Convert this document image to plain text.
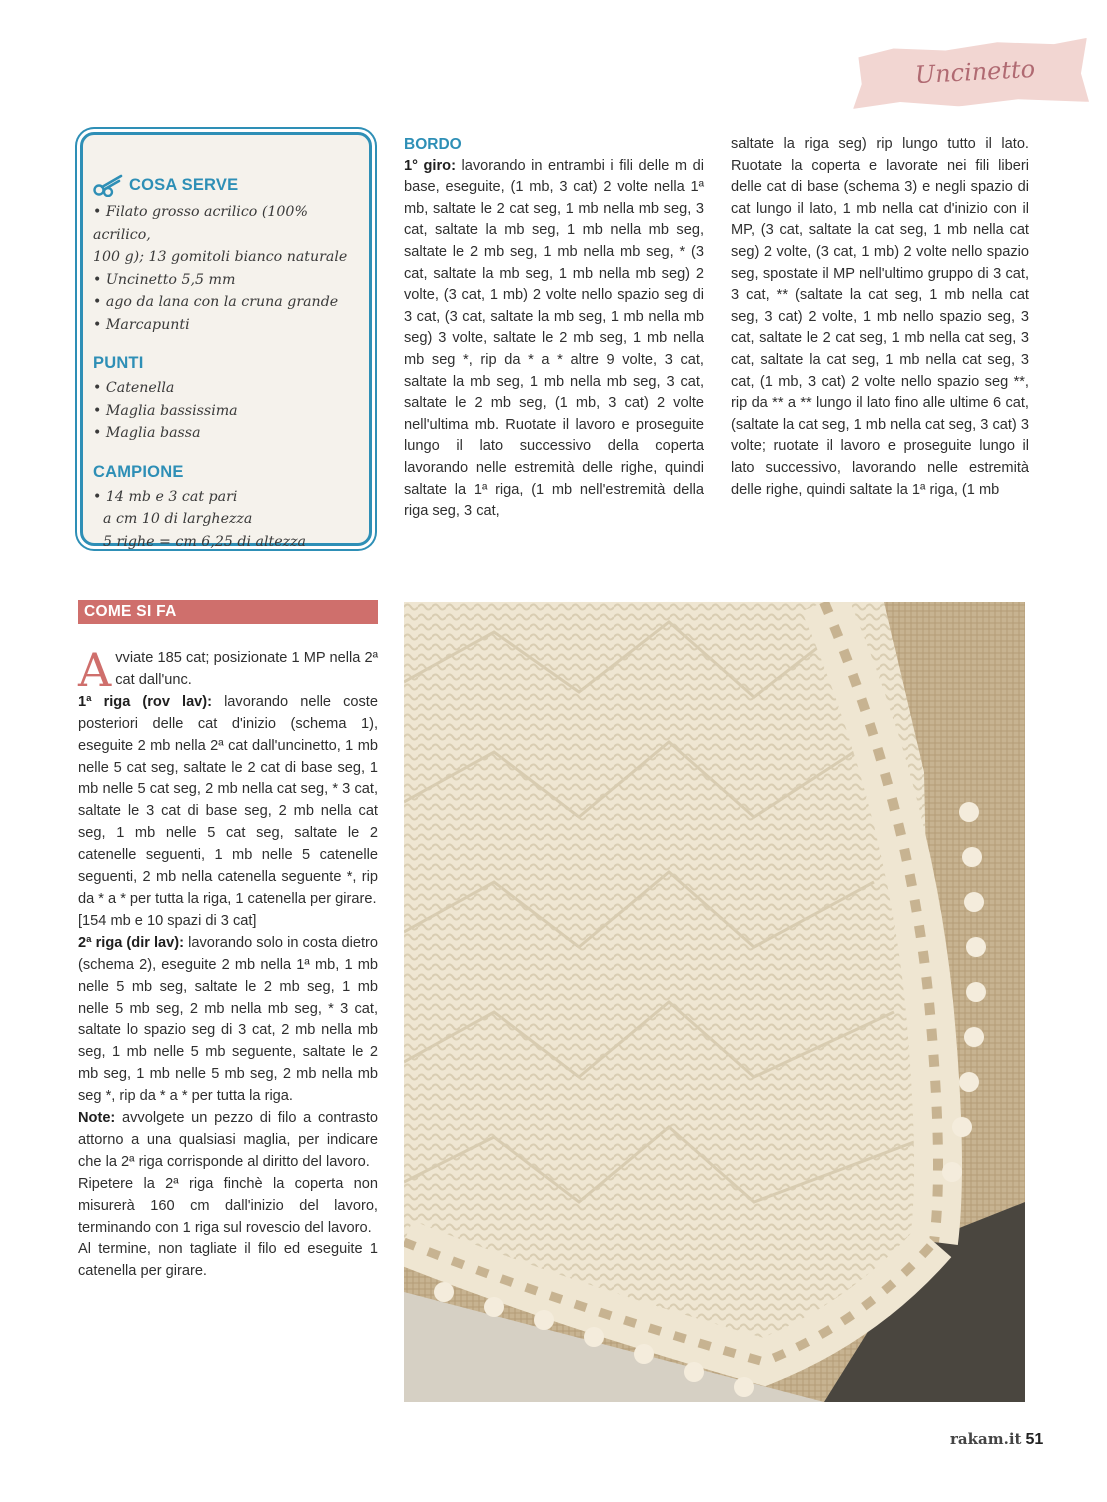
Uncinetto
COSA SERVE
• Filato grosso acrilico (100% acrilico,
100 g); 13 gomitoli bianco naturale
• Uncinetto 5,5 mm
• ago da lana con la cruna grande
• Marcapunti
PUNTI
• Catenella
• Maglia bassissima
• Maglia bassa
CAMPIONE
• 14 mb e 3 cat pari
a cm 10 di larghezza
5 righe = cm 6,25 di altezza

BORDO

1° giro: lavorando in entrambi i fili delle m di base, eseguite, (1 mb, 3 cat) 2 volte nella 1ª mb, saltate le 2 cat seg, 1 mb nella mb seg, 3 cat, saltate la mb seg, 1 mb nella mb seg, saltate le 2 mb seg, 1 mb nella mb seg, * (3 cat, saltate la mb seg, 1 mb nella mb seg) 2 volte, (3 cat, 1 mb) 2 volte nello spazio seg di 3 cat, (3 cat, saltate la mb seg, 1 mb nella mb seg) 3 volte, saltate le 2 mb seg, 1 mb nella mb seg *, rip da * a * altre 9 volte, 3 cat, saltate la mb seg, 1 mb nella mb seg, 3 cat, saltate le 2 mb seg, (1 mb, 3 cat) 2 volte nell'ultima mb. Ruotate il lavoro e proseguite lungo il lato successivo della coperta lavorando nelle estremità delle righe, quindi saltate la 1ª riga, (1 mb nell'estremità della riga seg, 3 cat,

saltate la riga seg) rip lungo tutto il lato. Ruotate la coperta e lavorate nei fili liberi delle cat di base (schema 3) e negli spazio di cat lungo il lato, 1 mb nella cat d'inizio con il MP, (3 cat, saltate la cat seg, 1 mb nella cat seg) 2 volte, (3 cat, 1 mb) 2 volte nello spazio seg, spostate il MP nell'ultimo gruppo di 3 cat, 3 cat, ** (saltate la cat seg, 1 mb nella cat seg, 3 cat) 2 volte, 1 mb nello spazio seg, 3 cat, saltate le 2 cat seg, 1 mb nella cat seg, 3 cat, saltate la cat seg, 1 mb nella cat seg, 3 cat, (1 mb, 3 cat) 2 volte nello spazio seg **, rip da ** a ** lungo il lato fino alle ultime 6 cat, (saltate la cat seg, 1 mb nella cat seg, 3 cat) 3 volte; ruotate il lavoro e proseguite lungo il lato successivo, lavorando nelle estremità delle righe, quindi saltate la 1ª riga, (1 mb

COME SI FA

Avviate 185 cat; posizionate 1 MP nella 2ª cat dall'unc.

1ª riga (rov lav): lavorando nelle coste posteriori delle cat d'inizio (schema 1), eseguite 2 mb nella 2ª cat dall'uncinetto, 1 mb nelle 5 cat seg, saltate le 2 cat di base seg, 1 mb nelle 5 cat seg, 2 mb nella cat seg, * 3 cat, saltate le 3 cat di base seg, 2 mb nella cat seg, 1 mb nelle 5 cat seg, saltate le 2 catenelle seguenti, 1 mb nelle 5 catenelle seguenti, 2 mb nella catenella seguente *, rip da * a * per tutta la riga, 1 catenella per girare.

[154 mb e 10 spazi di 3 cat]

2ª riga (dir lav): lavorando solo in costa dietro (schema 2), eseguite 2 mb nella 1ª mb, 1 mb nelle 5 mb seg, saltate le 2 mb seg, 1 mb nelle 5 mb seg, 2 mb nella mb seg, * 3 cat, saltate lo spazio seg di 3 cat, 2 mb nella mb seg, 1 mb nelle 5 mb seguente, saltate le 2 mb seg, 1 mb nelle 5 mb seg, 2 mb nella mb seg *, rip da * a * per tutta la riga.

Note: avvolgete un pezzo di filo a contrasto attorno a una qualsiasi maglia, per indicare che la 2ª riga corrisponde al diritto del lavoro.

Ripetere la 2ª riga finchè la coperta non misurerà 160 cm dall'inizio del lavoro, terminando con 1 riga sul rovescio del lavoro.

Al termine, non tagliate il filo ed eseguite 1 catenella per girare.

rakam.it 51
